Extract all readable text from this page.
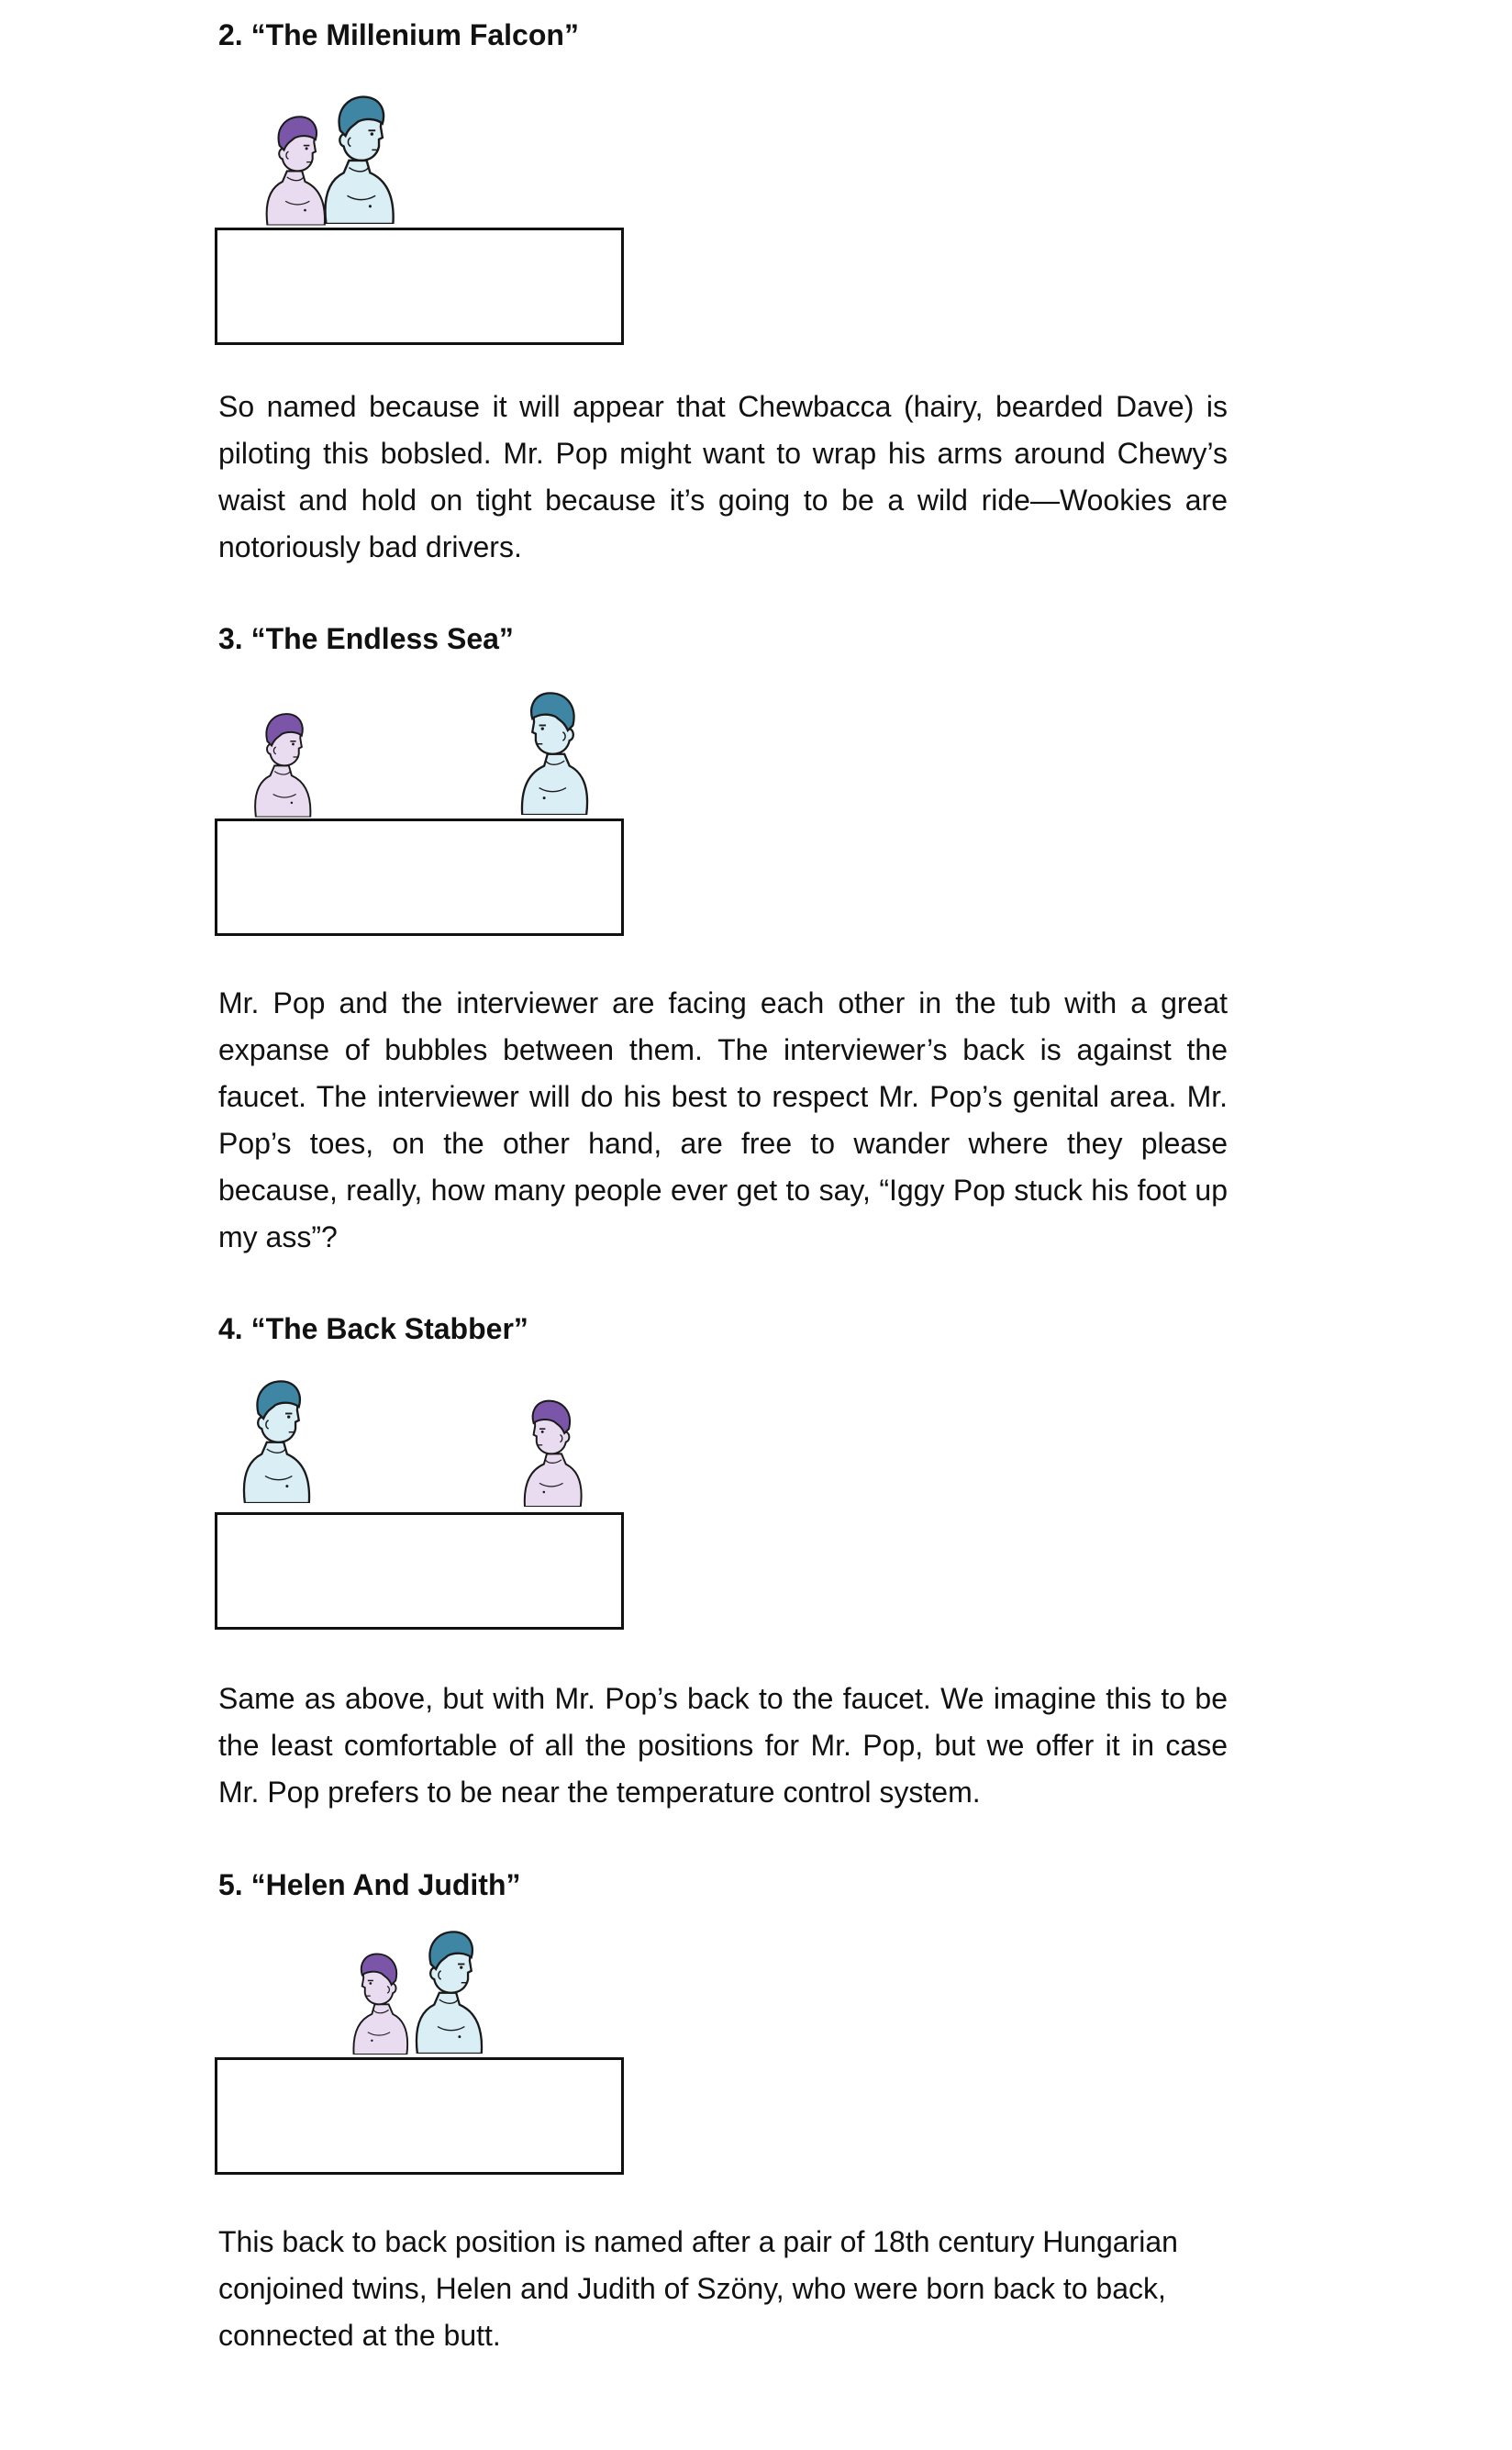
2. “The Millenium Falcon”

So named because it will appear that Chewbacca (hairy, bearded Dave) is piloting this bobsled. Mr. Pop might want to wrap his arms around Chewy’s waist and hold on tight because it’s going to be a wild ride—Wookies are notoriously bad drivers.

3. “The Endless Sea”

Mr. Pop and the interviewer are facing each other in the tub with a great expanse of bubbles between them. The interviewer’s back is against the faucet. The interviewer will do his best to respect Mr. Pop’s genital area. Mr. Pop’s toes, on the other hand, are free to wander where they please because, really, how many people ever get to say, “Iggy Pop stuck his foot up my ass”?

4. “The Back Stabber”

Same as above, but with Mr. Pop’s back to the faucet. We imagine this to be the least comfortable of all the positions for Mr. Pop, but we offer it in case Mr. Pop prefers to be near the temperature control system.

5. “Helen And Judith”

This back to back position is named after a pair of 18th century Hungarian conjoined twins, Helen and Judith of Szöny, who were born back to back, connected at the butt.
